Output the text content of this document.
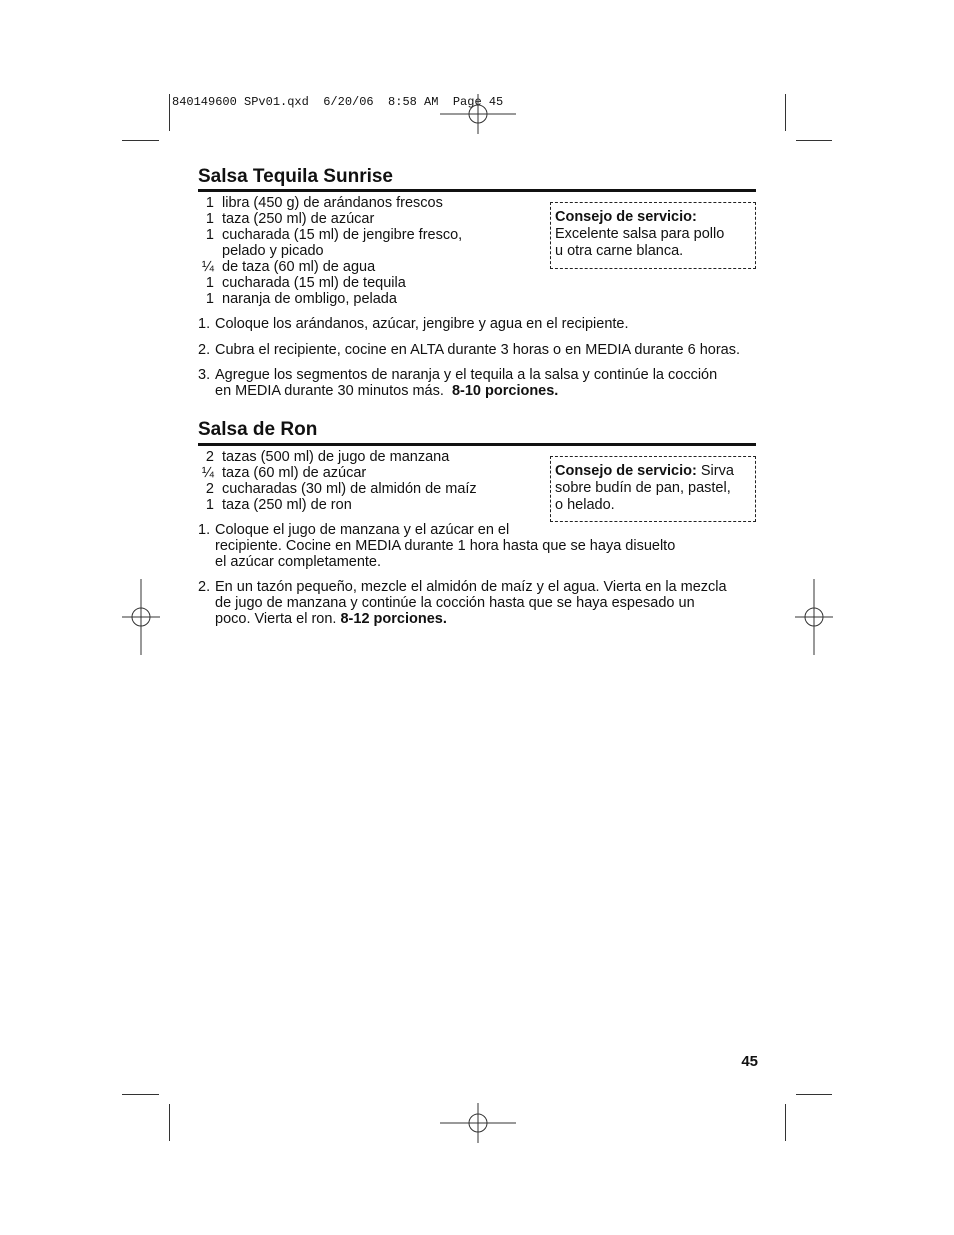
840149600 SPv01.qxd  6/20/06  8:58 AM  Page 45
Salsa Tequila Sunrise
1 libra (450 g) de arándanos frescos
1 taza (250 ml) de azúcar
1 cucharada (15 ml) de jengibre fresco,
pelado y picado
¼ de taza (60 ml) de agua
1 cucharada (15 ml) de tequila
1 naranja de ombligo, pelada
Consejo de servicio:
Excelente salsa para pollo
u otra carne blanca.
1. Coloque los arándanos, azúcar, jengibre y agua en el recipiente.
2. Cubra el recipiente, cocine en ALTA durante 3 horas o en MEDIA durante 6 horas.
3. Agregue los segmentos de naranja y el tequila a la salsa y continúe la cocción
en MEDIA durante 30 minutos más. 8-10 porciones.
Salsa de Ron
2 tazas (500 ml) de jugo de manzana
¼ taza (60 ml) de azúcar
2 cucharadas (30 ml) de almidón de maíz
1 taza (250 ml) de ron
Consejo de servicio: Sirva
sobre budín de pan, pastel,
o helado.
1. Coloque el jugo de manzana y el azúcar en el
recipiente. Cocine en MEDIA durante 1 hora hasta que se haya disuelto
el azúcar completamente.
2. En un tazón pequeño, mezcle el almidón de maíz y el agua. Vierta en la mezcla
de jugo de manzana y continúe la cocción hasta que se haya espesado un
poco. Vierta el ron. 8-12 porciones.
45
